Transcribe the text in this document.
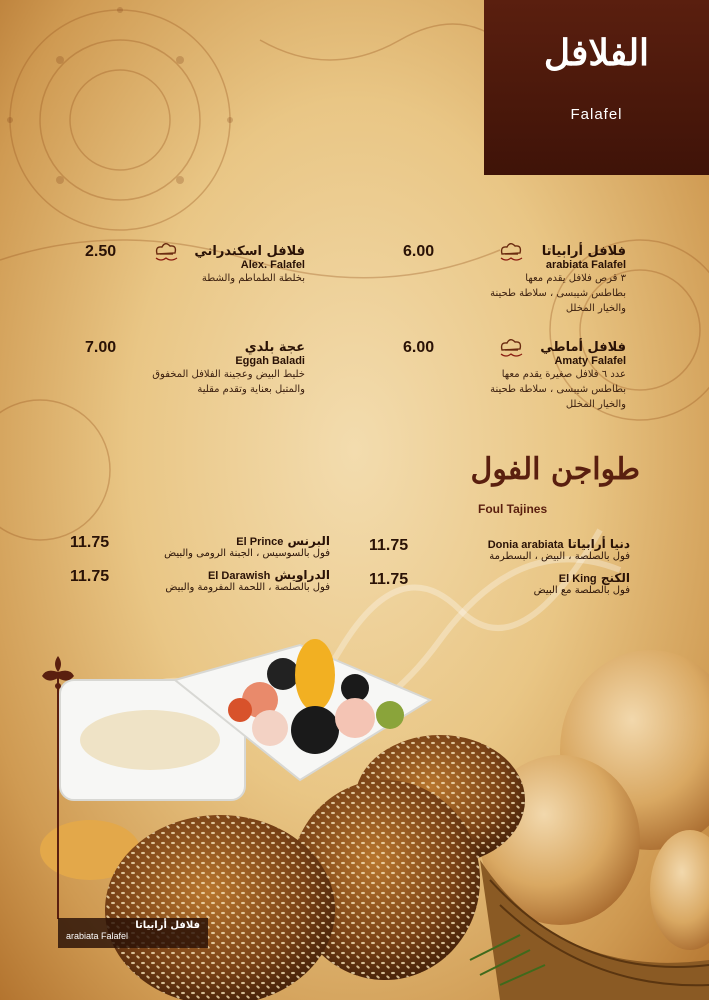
الفلافل
Falafel
فلافل أرابياتا
arabiata Falafel
٣ قرص فلافل يقدم معها
بطاطس شيبسى ، سلاطة طحينة
والخيار المخلل
6.00
فلافل اسكندراني
Alex. Falafel
بخلطة الطماطم والشطة
2.50
فلافل أماطي
Amaty Falafel
عدد ٦ فلافل صغيرة يقدم معها
بطاطس شيبسى ، سلاطة طحينة
والخيار المخلل
6.00
عجة بلدي
Eggah Baladi
خليط البيض وعجينة الفلافل المخفوق
والمتبل بعناية وتقدم مقلية
7.00
طواجن الفول
Foul Tajines
دنيا أرابياتا Donia arabiata
فول بالصلصة ، البيض ، البسطرمة
11.75
البرنس El Prince
فول بالسوسيس ، الجبنة الرومى والبيض
11.75
الكنج El King
فول بالصلصة مع البيض
11.75
الدراويش El Darawish
فول بالصلصة ، اللحمة المفرومة والبيض
11.75
فلافل أرابياتا
arabiata Falafel
